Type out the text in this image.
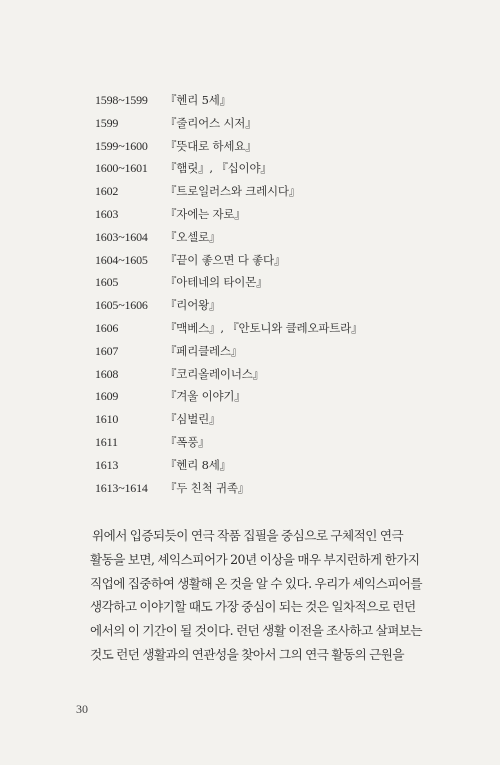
1598~1599 『헨리 5세』
1599	『줄리어스 시저』
1599~1600 『뜻대로 하세요』
1600~1601 『햄릿』, 『십이야』
1602	『트로일러스와 크레시다』
1603	『자에는 자로』
1603~1604 『오셀로』
1604~1605 『끝이 좋으면 다 좋다』
1605	『아테네의 타이몬』
1605~1606 『리어왕』
1606	『맥베스』, 『안토니와 클레오파트라』
1607	『페리클레스』
1608	『코리올레이너스』
1609	『겨울 이야기』
1610	『심벌린』
1611	『폭풍』
1613	『헨리 8세』
1613~1614 『두 친척 귀족』

위에서 입증되듯이 연극 작품 집필을 중심으로 구체적인 연극

활동을 보면, 셰익스피어가 20년 이상을 매우 부지런하게 한가지

직업에 집중하여 생활해 온 것을 알 수 있다. 우리가 셰익스피어를

생각하고 이야기할 때도 가장 중심이 되는 것은 일차적으로 런던

에서의 이 기간이 될 것이다. 런던 생활 이전을 조사하고 살펴보는

것도 런던 생활과의 연관성을 찾아서 그의 연극 활동의 근원을

30
